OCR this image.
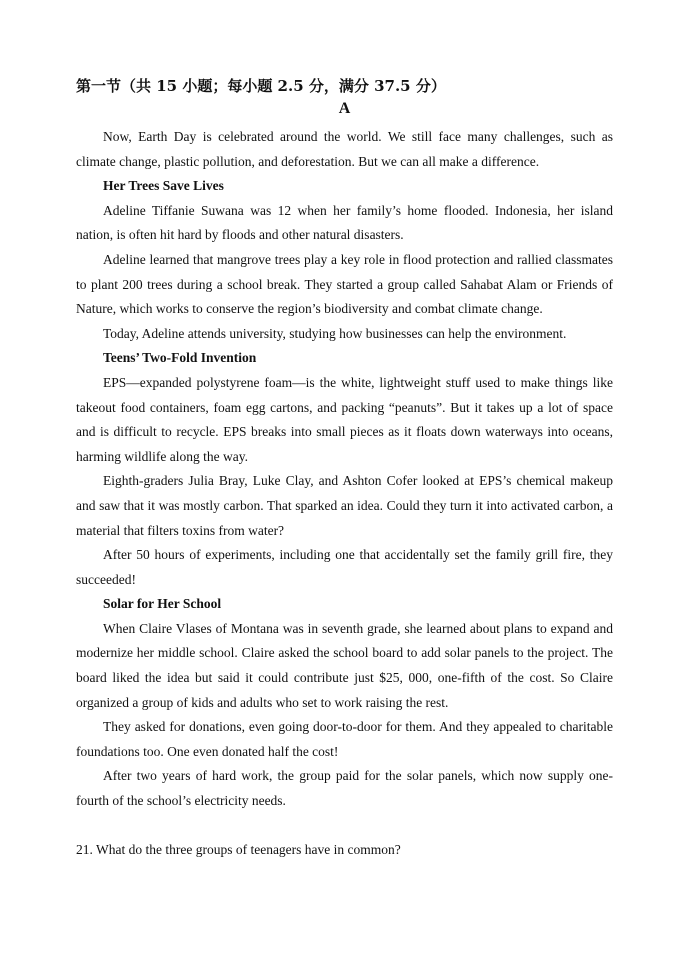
第一节（共 15 小题；每小题 2.5 分，满分 37.5 分）
A

Now, Earth Day is celebrated around the world. We still face many challenges, such as climate change, plastic pollution, and deforestation. But we can all make a difference.

Her Trees Save Lives

Adeline Tiffanie Suwana was 12 when her family’s home flooded. Indonesia, her island nation, is often hit hard by floods and other natural disasters.

Adeline learned that mangrove trees play a key role in flood protection and rallied classmates to plant 200 trees during a school break. They started a group called Sahabat Alam or Friends of Nature, which works to conserve the region’s biodiversity and combat climate change.

Today, Adeline attends university, studying how businesses can help the environment.

Teens’ Two-Fold Invention

EPS—expanded polystyrene foam—is the white, lightweight stuff used to make things like takeout food containers, foam egg cartons, and packing “peanuts”. But it takes up a lot of space and is difficult to recycle. EPS breaks into small pieces as it floats down waterways into oceans, harming wildlife along the way.

Eighth-graders Julia Bray, Luke Clay, and Ashton Cofer looked at EPS’s chemical makeup and saw that it was mostly carbon. That sparked an idea. Could they turn it into activated carbon, a material that filters toxins from water?

After 50 hours of experiments, including one that accidentally set the family grill fire, they succeeded!

Solar for Her School

When Claire Vlases of Montana was in seventh grade, she learned about plans to expand and modernize her middle school. Claire asked the school board to add solar panels to the project. The board liked the idea but said it could contribute just $25, 000, one-fifth of the cost. So Claire organized a group of kids and adults who set to work raising the rest.

They asked for donations, even going door-to-door for them. And they appealed to charitable foundations too. One even donated half the cost!

After two years of hard work, the group paid for the solar panels, which now supply one-fourth of the school’s electricity needs.

21. What do the three groups of teenagers have in common?
